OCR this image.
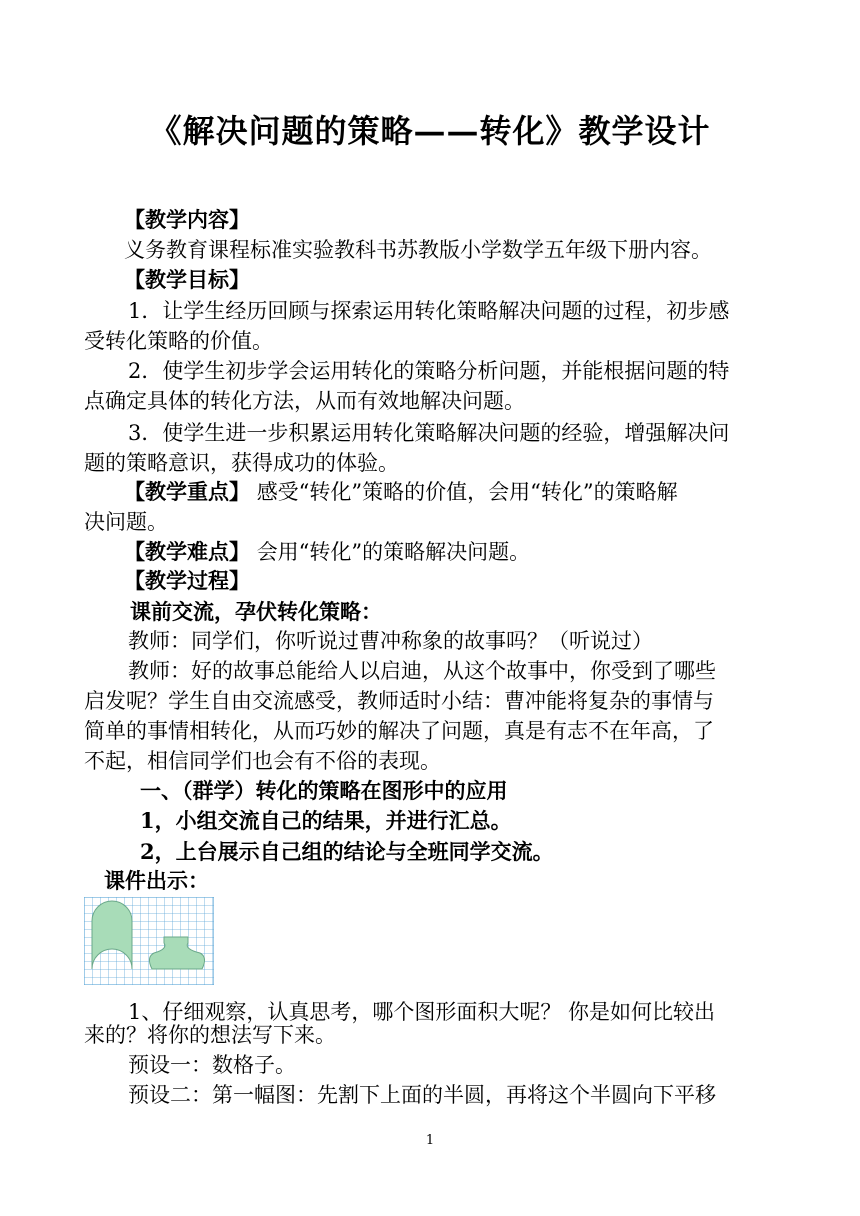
《解决问题的策略——转化》教学设计
【教学内容】
义务教育课程标准实验教科书苏教版小学数学五年级下册内容。
【教学目标】
1．让学生经历回顾与探索运用转化策略解决问题的过程，初步感
受转化策略的价值。
2．使学生初步学会运用转化的策略分析问题，并能根据问题的特
点确定具体的转化方法，从而有效地解决问题。
3．使学生进一步积累运用转化策略解决问题的经验，增强解决问
题的策略意识，获得成功的体验。
【教学重点】 感受“转化”策略的价值，会用“转化”的策略解
决问题。
【教学难点】 会用“转化”的策略解决问题。
【教学过程】
课前交流，孕伏转化策略：
教师：同学们，你听说过曹冲称象的故事吗？（听说过）
教师：好的故事总能给人以启迪，从这个故事中，你受到了哪些
启发呢？学生自由交流感受，教师适时小结：曹冲能将复杂的事情与
简单的事情相转化，从而巧妙的解决了问题，真是有志不在年高，了
不起，相信同学们也会有不俗的表现。
一、（群学）转化的策略在图形中的应用
1，小组交流自己的结果，并进行汇总。
2，上台展示自己组的结论与全班同学交流。
课件出示：
1、仔细观察，认真思考，哪个图形面积大呢？ 你是如何比较出
来的？将你的想法写下来。
预设一：数格子。
预设二：第一幅图：先割下上面的半圆，再将这个半圆向下平移
1
